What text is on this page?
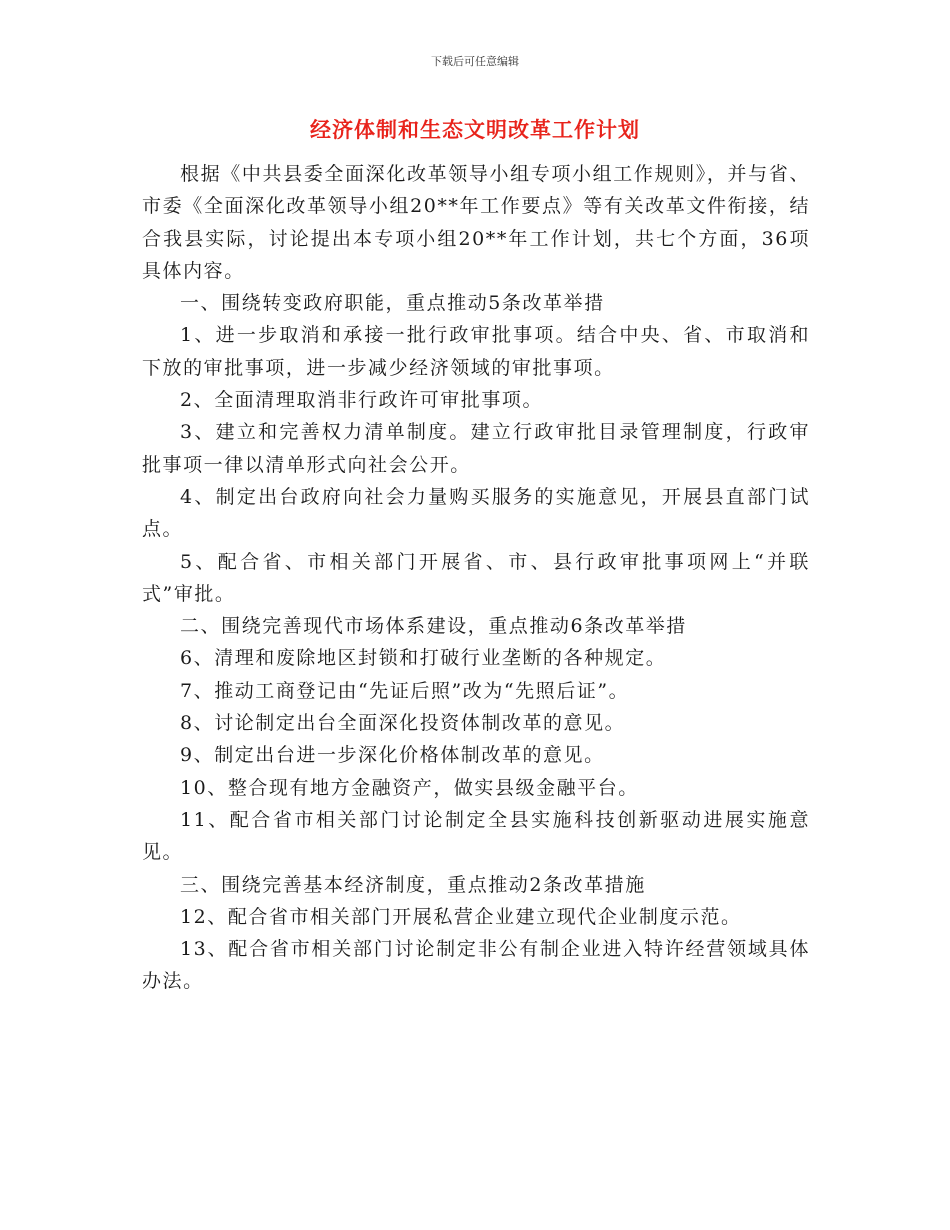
下载后可任意编辑
经济体制和生态文明改革工作计划

根据《中共县委全面深化改革领导小组专项小组工作规则》，并与省、市委《全面深化改革领导小组20**年工作要点》等有关改革文件衔接，结合我县实际，讨论提出本专项小组20**年工作计划，共七个方面，36项具体内容。

一、围绕转变政府职能，重点推动5条改革举措

1、进一步取消和承接一批行政审批事项。结合中央、省、市取消和下放的审批事项，进一步减少经济领域的审批事项。

2、全面清理取消非行政许可审批事项。

3、建立和完善权力清单制度。建立行政审批目录管理制度，行政审批事项一律以清单形式向社会公开。

4、制定出台政府向社会力量购买服务的实施意见，开展县直部门试点。

5、配合省、市相关部门开展省、市、县行政审批事项网上“并联式”审批。

二、围绕完善现代市场体系建设，重点推动6条改革举措

6、清理和废除地区封锁和打破行业垄断的各种规定。

7、推动工商登记由“先证后照”改为“先照后证”。

8、讨论制定出台全面深化投资体制改革的意见。

9、制定出台进一步深化价格体制改革的意见。

10、整合现有地方金融资产，做实县级金融平台。

11、配合省市相关部门讨论制定全县实施科技创新驱动进展实施意见。

三、围绕完善基本经济制度，重点推动2条改革措施

12、配合省市相关部门开展私营企业建立现代企业制度示范。

13、配合省市相关部门讨论制定非公有制企业进入特许经营领域具体办法。
